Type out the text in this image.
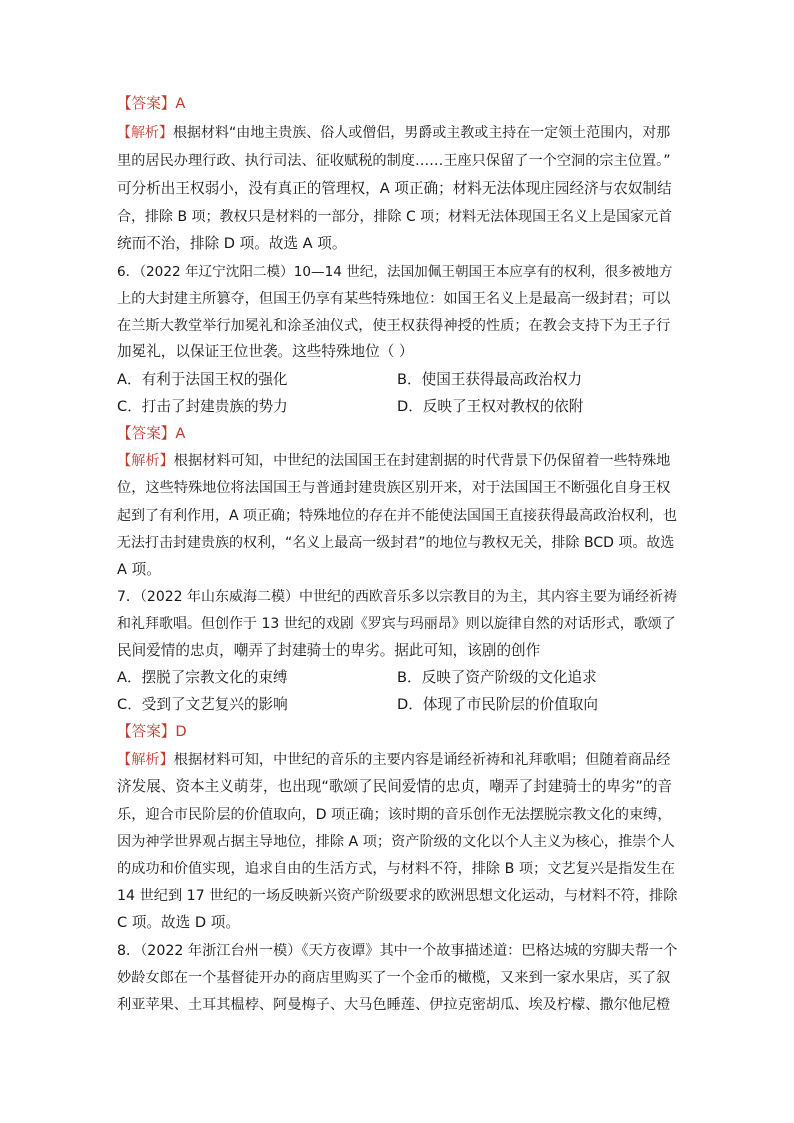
【答案】A
【解析】根据材料“由地主贵族、俗人或僧侣，男爵或主教或主持在一定领土范围内，对那
里的居民办理行政、执行司法、征收赋税的制度……王座只保留了一个空洞的宗主位置。”
可分析出王权弱小，没有真正的管理权，A 项正确；材料无法体现庄园经济与农奴制结
合，排除 B 项；教权只是材料的一部分，排除 C 项；材料无法体现国王名义上是国家元首
统而不治，排除 D 项。故选 A 项。
6．（2022 年辽宁沈阳二模）10—14 世纪，法国加佩王朝国王本应享有的权利，很多被地方
上的大封建主所篡夺，但国王仍享有某些特殊地位：如国王名义上是最高一级封君；可以
在兰斯大教堂举行加冕礼和涂圣油仪式，使王权获得神授的性质；在教会支持下为王子行
加冕礼，以保证王位世袭。这些特殊地位（ ）
A．有利于法国王权的强化	B．使国王获得最高政治权力
C．打击了封建贵族的势力	D．反映了王权对教权的依附
【答案】A
【解析】根据材料可知，中世纪的法国国王在封建割据的时代背景下仍保留着一些特殊地
位，这些特殊地位将法国国王与普通封建贵族区别开来，对于法国国王不断强化自身王权
起到了有利作用，A 项正确；特殊地位的存在并不能使法国国王直接获得最高政治权利，也
无法打击封建贵族的权利，“名义上最高一级封君”的地位与教权无关，排除 BCD 项。故选
A 项。
7．（2022 年山东威海二模）中世纪的西欧音乐多以宗教目的为主，其内容主要为诵经祈祷
和礼拜歌唱。但创作于 13 世纪的戏剧《罗宾与玛丽昂》则以旋律自然的对话形式，歌颂了
民间爱情的忠贞，嘲弄了封建骑士的卑劣。据此可知，该剧的创作
A．摆脱了宗教文化的束缚	B．反映了资产阶级的文化追求
C．受到了文艺复兴的影响	D．体现了市民阶层的价值取向
【答案】D
【解析】根据材料可知，中世纪的音乐的主要内容是诵经祈祷和礼拜歌唱；但随着商品经
济发展、资本主义萌芽，也出现“歌颂了民间爱情的忠贞，嘲弄了封建骑士的卑劣”的音
乐，迎合市民阶层的价值取向，D 项正确；该时期的音乐创作无法摆脱宗教文化的束缚，
因为神学世界观占据主导地位，排除 A 项；资产阶级的文化以个人主义为核心，推崇个人
的成功和价值实现，追求自由的生活方式，与材料不符，排除 B 项；文艺复兴是指发生在
14 世纪到 17 世纪的一场反映新兴资产阶级要求的欧洲思想文化运动，与材料不符，排除
C 项。故选 D 项。
8．（2022 年浙江台州一模）《天方夜谭》其中一个故事描述道：巴格达城的穷脚夫帮一个
妙龄女郎在一个基督徒开办的商店里购买了一个金币的橄榄，又来到一家水果店，买了叙
利亚苹果、土耳其榅桲、阿曼梅子、大马色睡莲、伊拉克密胡瓜、埃及柠檬、撒尔他尼橙
